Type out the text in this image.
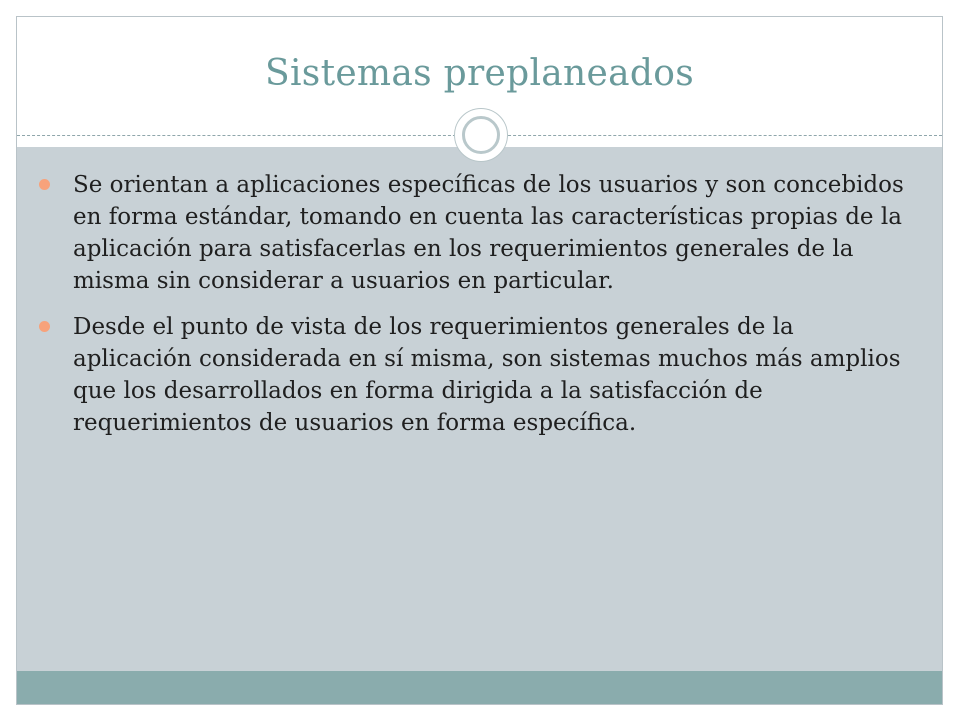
Sistemas preplaneados
Se orientan a aplicaciones específicas de los usuarios y son concebidos en forma estándar, tomando en cuenta las características propias de la aplicación para satisfacerlas en los requerimientos generales de la misma sin considerar a usuarios en particular.
Desde el punto de vista de los requerimientos generales de la aplicación considerada en sí misma, son sistemas muchos más amplios que los desarrollados en forma dirigida a la satisfacción de requerimientos de usuarios en forma específica.
